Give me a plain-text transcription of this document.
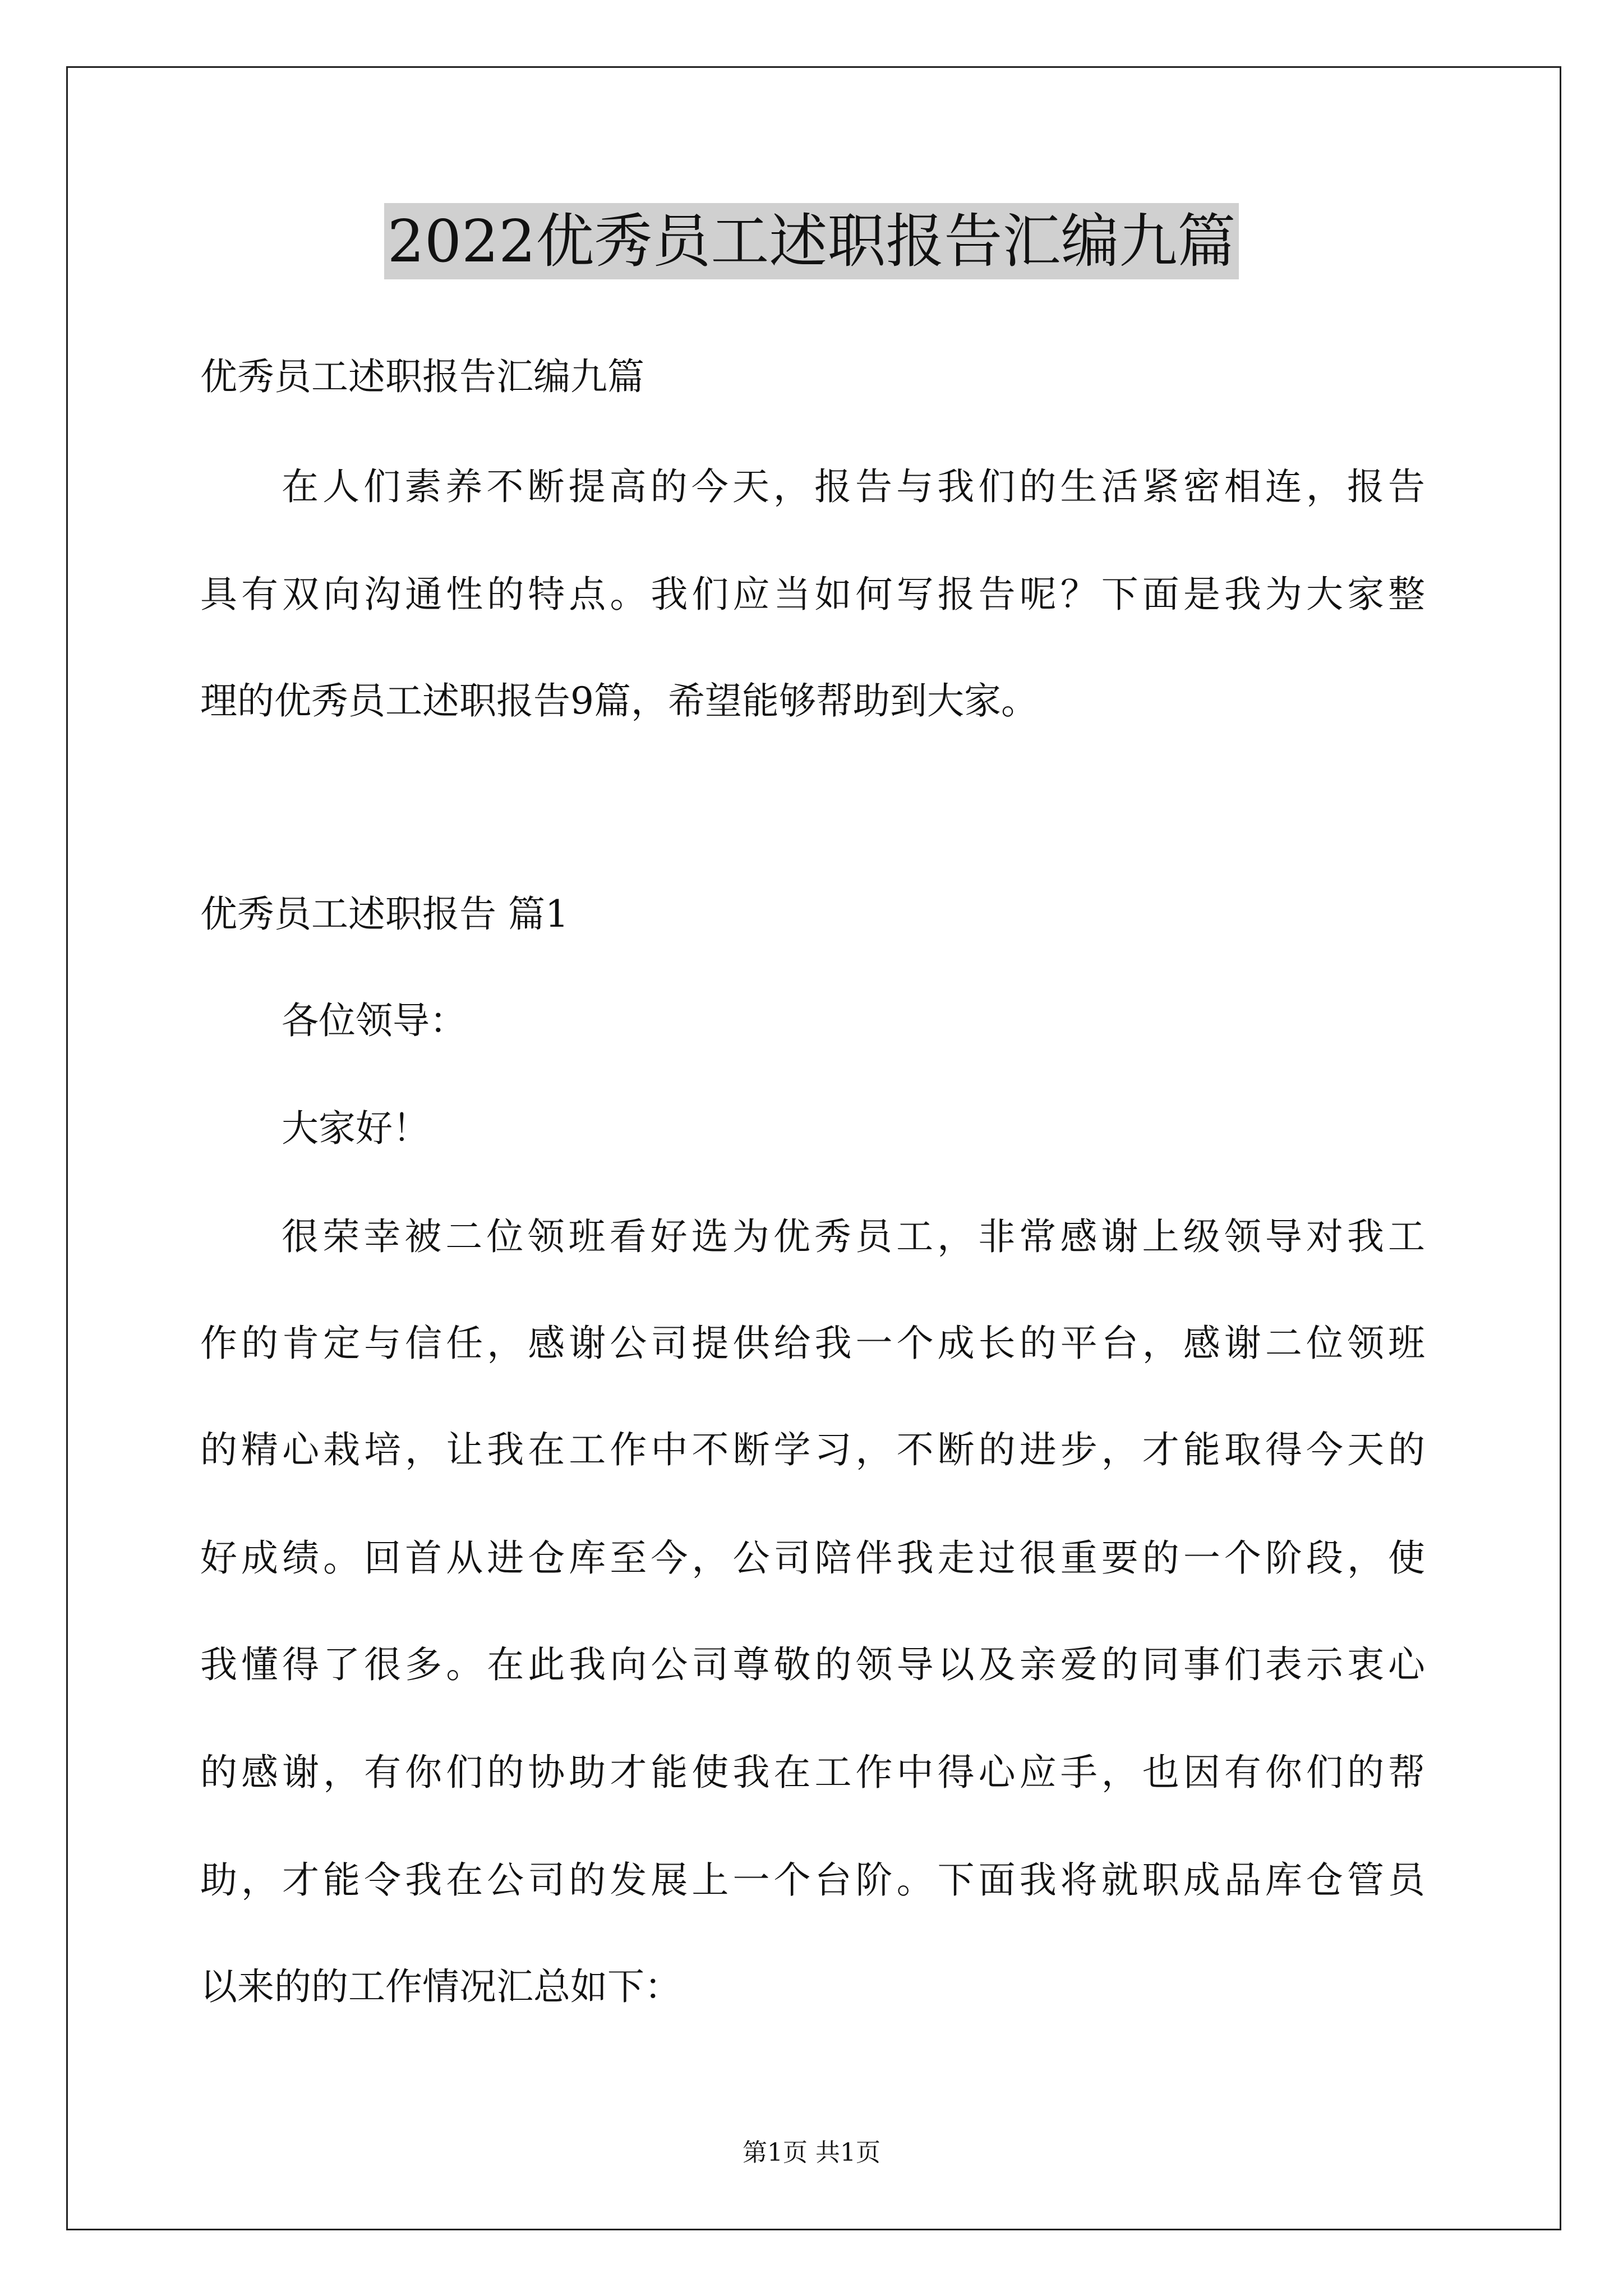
2022优秀员工述职报告汇编九篇
优秀员工述职报告汇编九篇
在人们素养不断提高的今天，报告与我们的生活紧密相连，报告
具有双向沟通性的特点。我们应当如何写报告呢？下面是我为大家整
理的优秀员工述职报告9篇，希望能够帮助到大家。
优秀员工述职报告 篇1
各位领导：
大家好！
很荣幸被二位领班看好选为优秀员工，非常感谢上级领导对我工
作的肯定与信任，感谢公司提供给我一个成长的平台，感谢二位领班
的精心栽培，让我在工作中不断学习，不断的进步，才能取得今天的
好成绩。回首从进仓库至今，公司陪伴我走过很重要的一个阶段，使
我懂得了很多。在此我向公司尊敬的领导以及亲爱的同事们表示衷心
的感谢，有你们的协助才能使我在工作中得心应手，也因有你们的帮
助，才能令我在公司的发展上一个台阶。下面我将就职成品库仓管员
以来的的工作情况汇总如下：
第1页 共1页
